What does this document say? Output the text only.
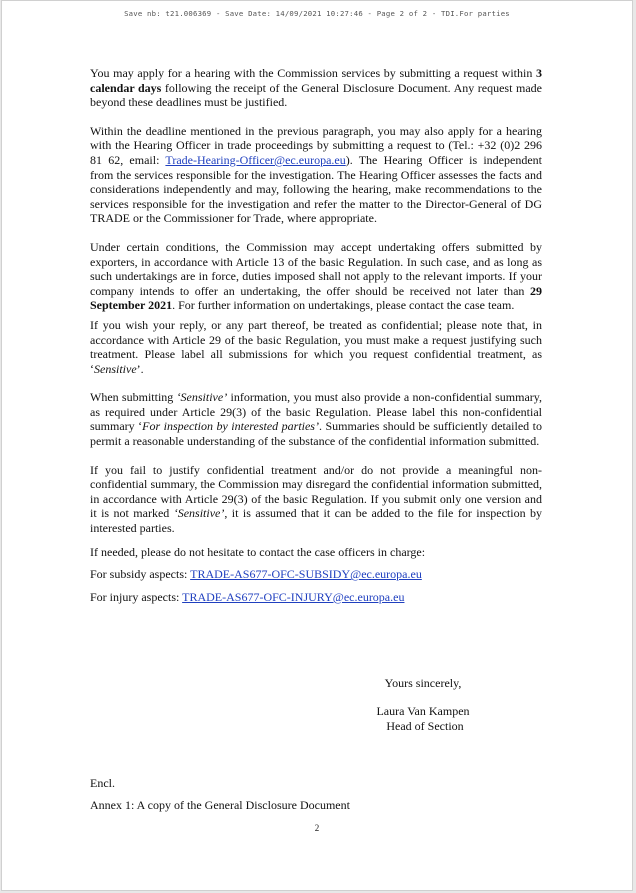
Save nb: t21.006369 - Save Date: 14/09/2021 10:27:46 - Page 2 of 2 - TDI.For parties

You may apply for a hearing with the Commission services by submitting a request within 3 calendar days following the receipt of the General Disclosure Document. Any request made beyond these deadlines must be justified.

Within the deadline mentioned in the previous paragraph, you may also apply for a hearing with the Hearing Officer in trade proceedings by submitting a request to (Tel.: +32 (0)2 296 81 62, email: Trade-Hearing-Officer@ec.europa.eu). The Hearing Officer is independent from the services responsible for the investigation. The Hearing Officer assesses the facts and considerations independently and may, following the hearing, make recommendations to the services responsible for the investigation and refer the matter to the Director-General of DG TRADE or the Commissioner for Trade, where appropriate.

Under certain conditions, the Commission may accept undertaking offers submitted by exporters, in accordance with Article 13 of the basic Regulation. In such case, and as long as such undertakings are in force, duties imposed shall not apply to the relevant imports. If your company intends to offer an undertaking, the offer should be received not later than 29 September 2021. For further information on undertakings, please contact the case team.

If you wish your reply, or any part thereof, be treated as confidential; please note that, in accordance with Article 29 of the basic Regulation, you must make a request justifying such treatment. Please label all submissions for which you request confidential treatment, as ‘Sensitive’.

When submitting ‘Sensitive’ information, you must also provide a non-confidential summary, as required under Article 29(3) of the basic Regulation. Please label this non-confidential summary ‘For inspection by interested parties’. Summaries should be sufficiently detailed to permit a reasonable understanding of the substance of the confidential information submitted.

If you fail to justify confidential treatment and/or do not provide a meaningful non-confidential summary, the Commission may disregard the confidential information submitted, in accordance with Article 29(3) of the basic Regulation. If you submit only one version and it is not marked ‘Sensitive’, it is assumed that it can be added to the file for inspection by interested parties.

If needed, please do not hesitate to contact the case officers in charge:

For subsidy aspects: TRADE-AS677-OFC-SUBSIDY@ec.europa.eu

For injury aspects: TRADE-AS677-OFC-INJURY@ec.europa.eu

Yours sincerely,
Laura Van Kampen
Head of Section
Encl.
Annex 1: A copy of the General Disclosure Document
2
